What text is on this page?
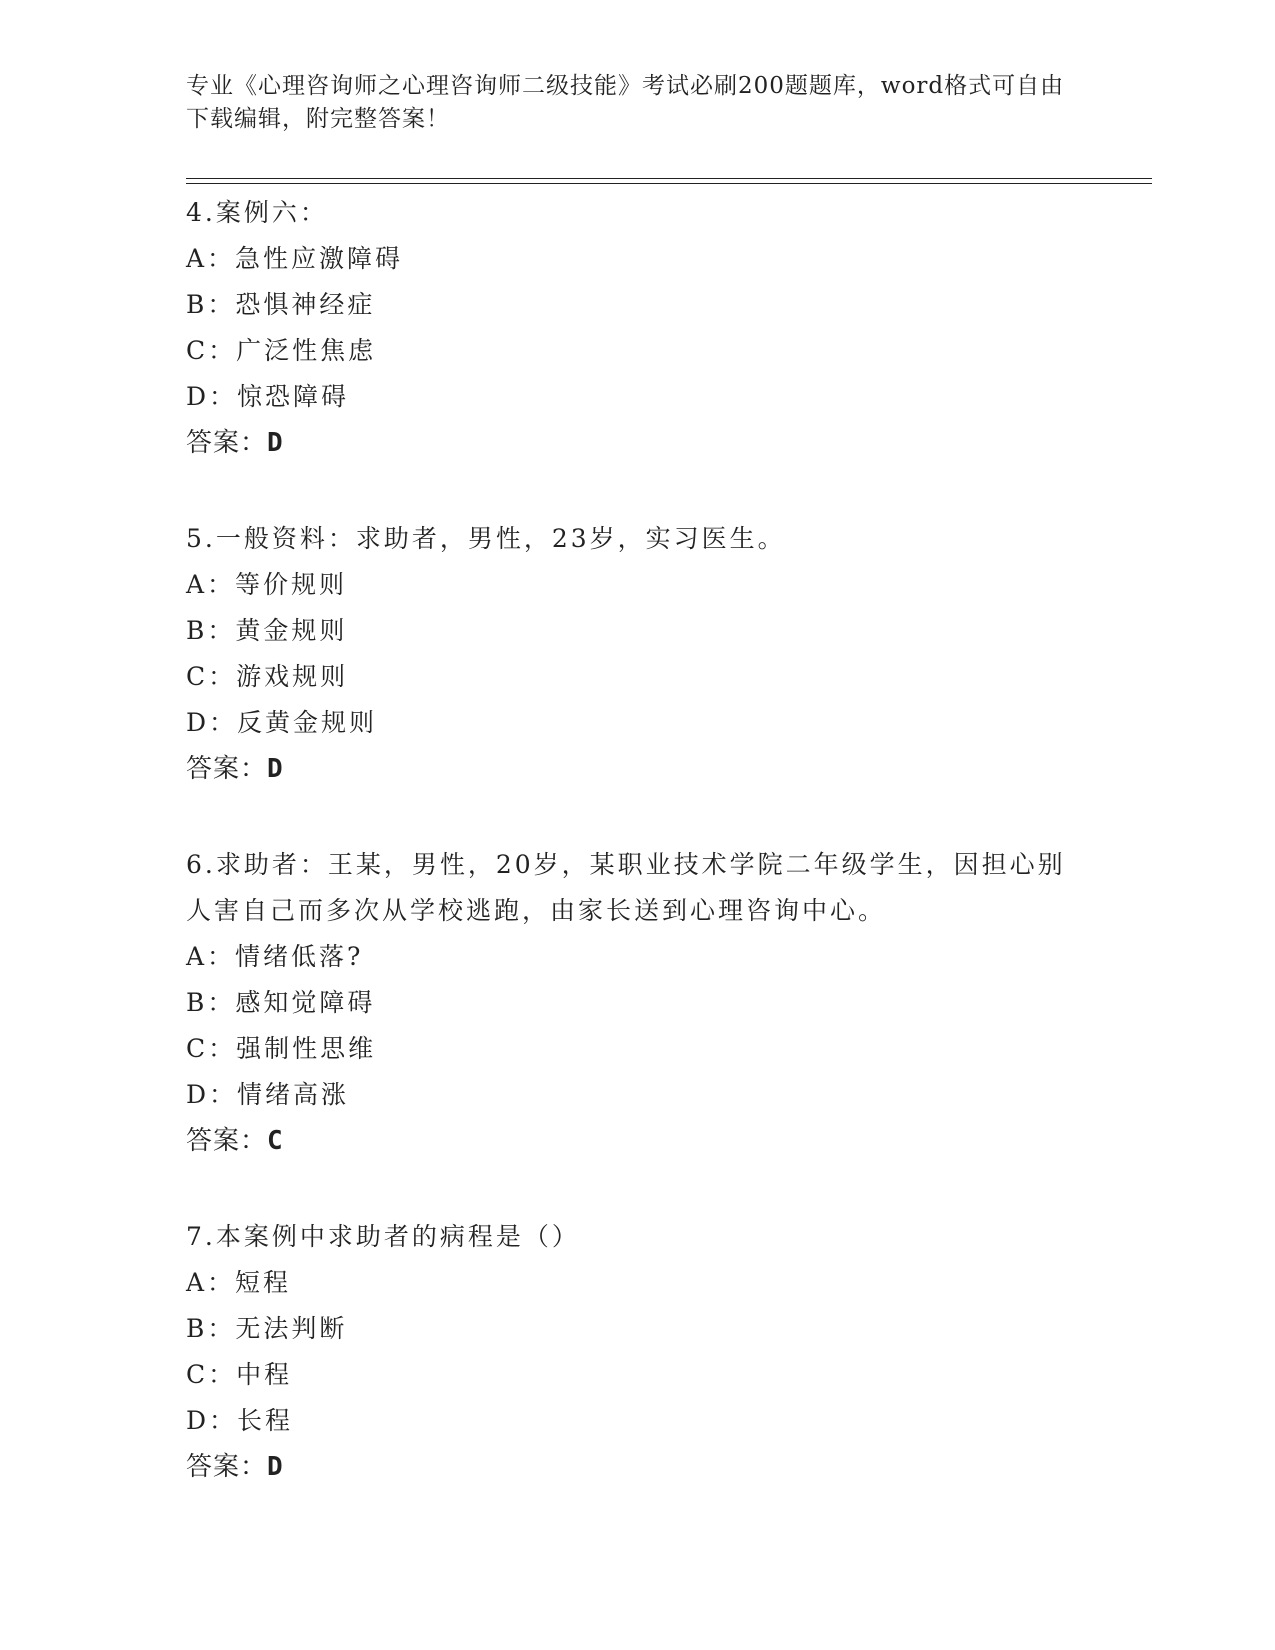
专业《心理咨询师之心理咨询师二级技能》考试必刷200题题库，word格式可自由下载编辑，附完整答案！
4.案例六：
A：急性应激障碍
B：恐惧神经症
C：广泛性焦虑
D：惊恐障碍
答案：D
5.一般资料：求助者，男性，23岁，实习医生。
A：等价规则
B：黄金规则
C：游戏规则
D：反黄金规则
答案：D
6.求助者：王某，男性，20岁，某职业技术学院二年级学生，因担心别人害自己而多次从学校逃跑，由家长送到心理咨询中心。
A：情绪低落?
B：感知觉障碍
C：强制性思维
D：情绪高涨
答案：C
7.本案例中求助者的病程是（）
A：短程
B：无法判断
C：中程
D：长程
答案：D
